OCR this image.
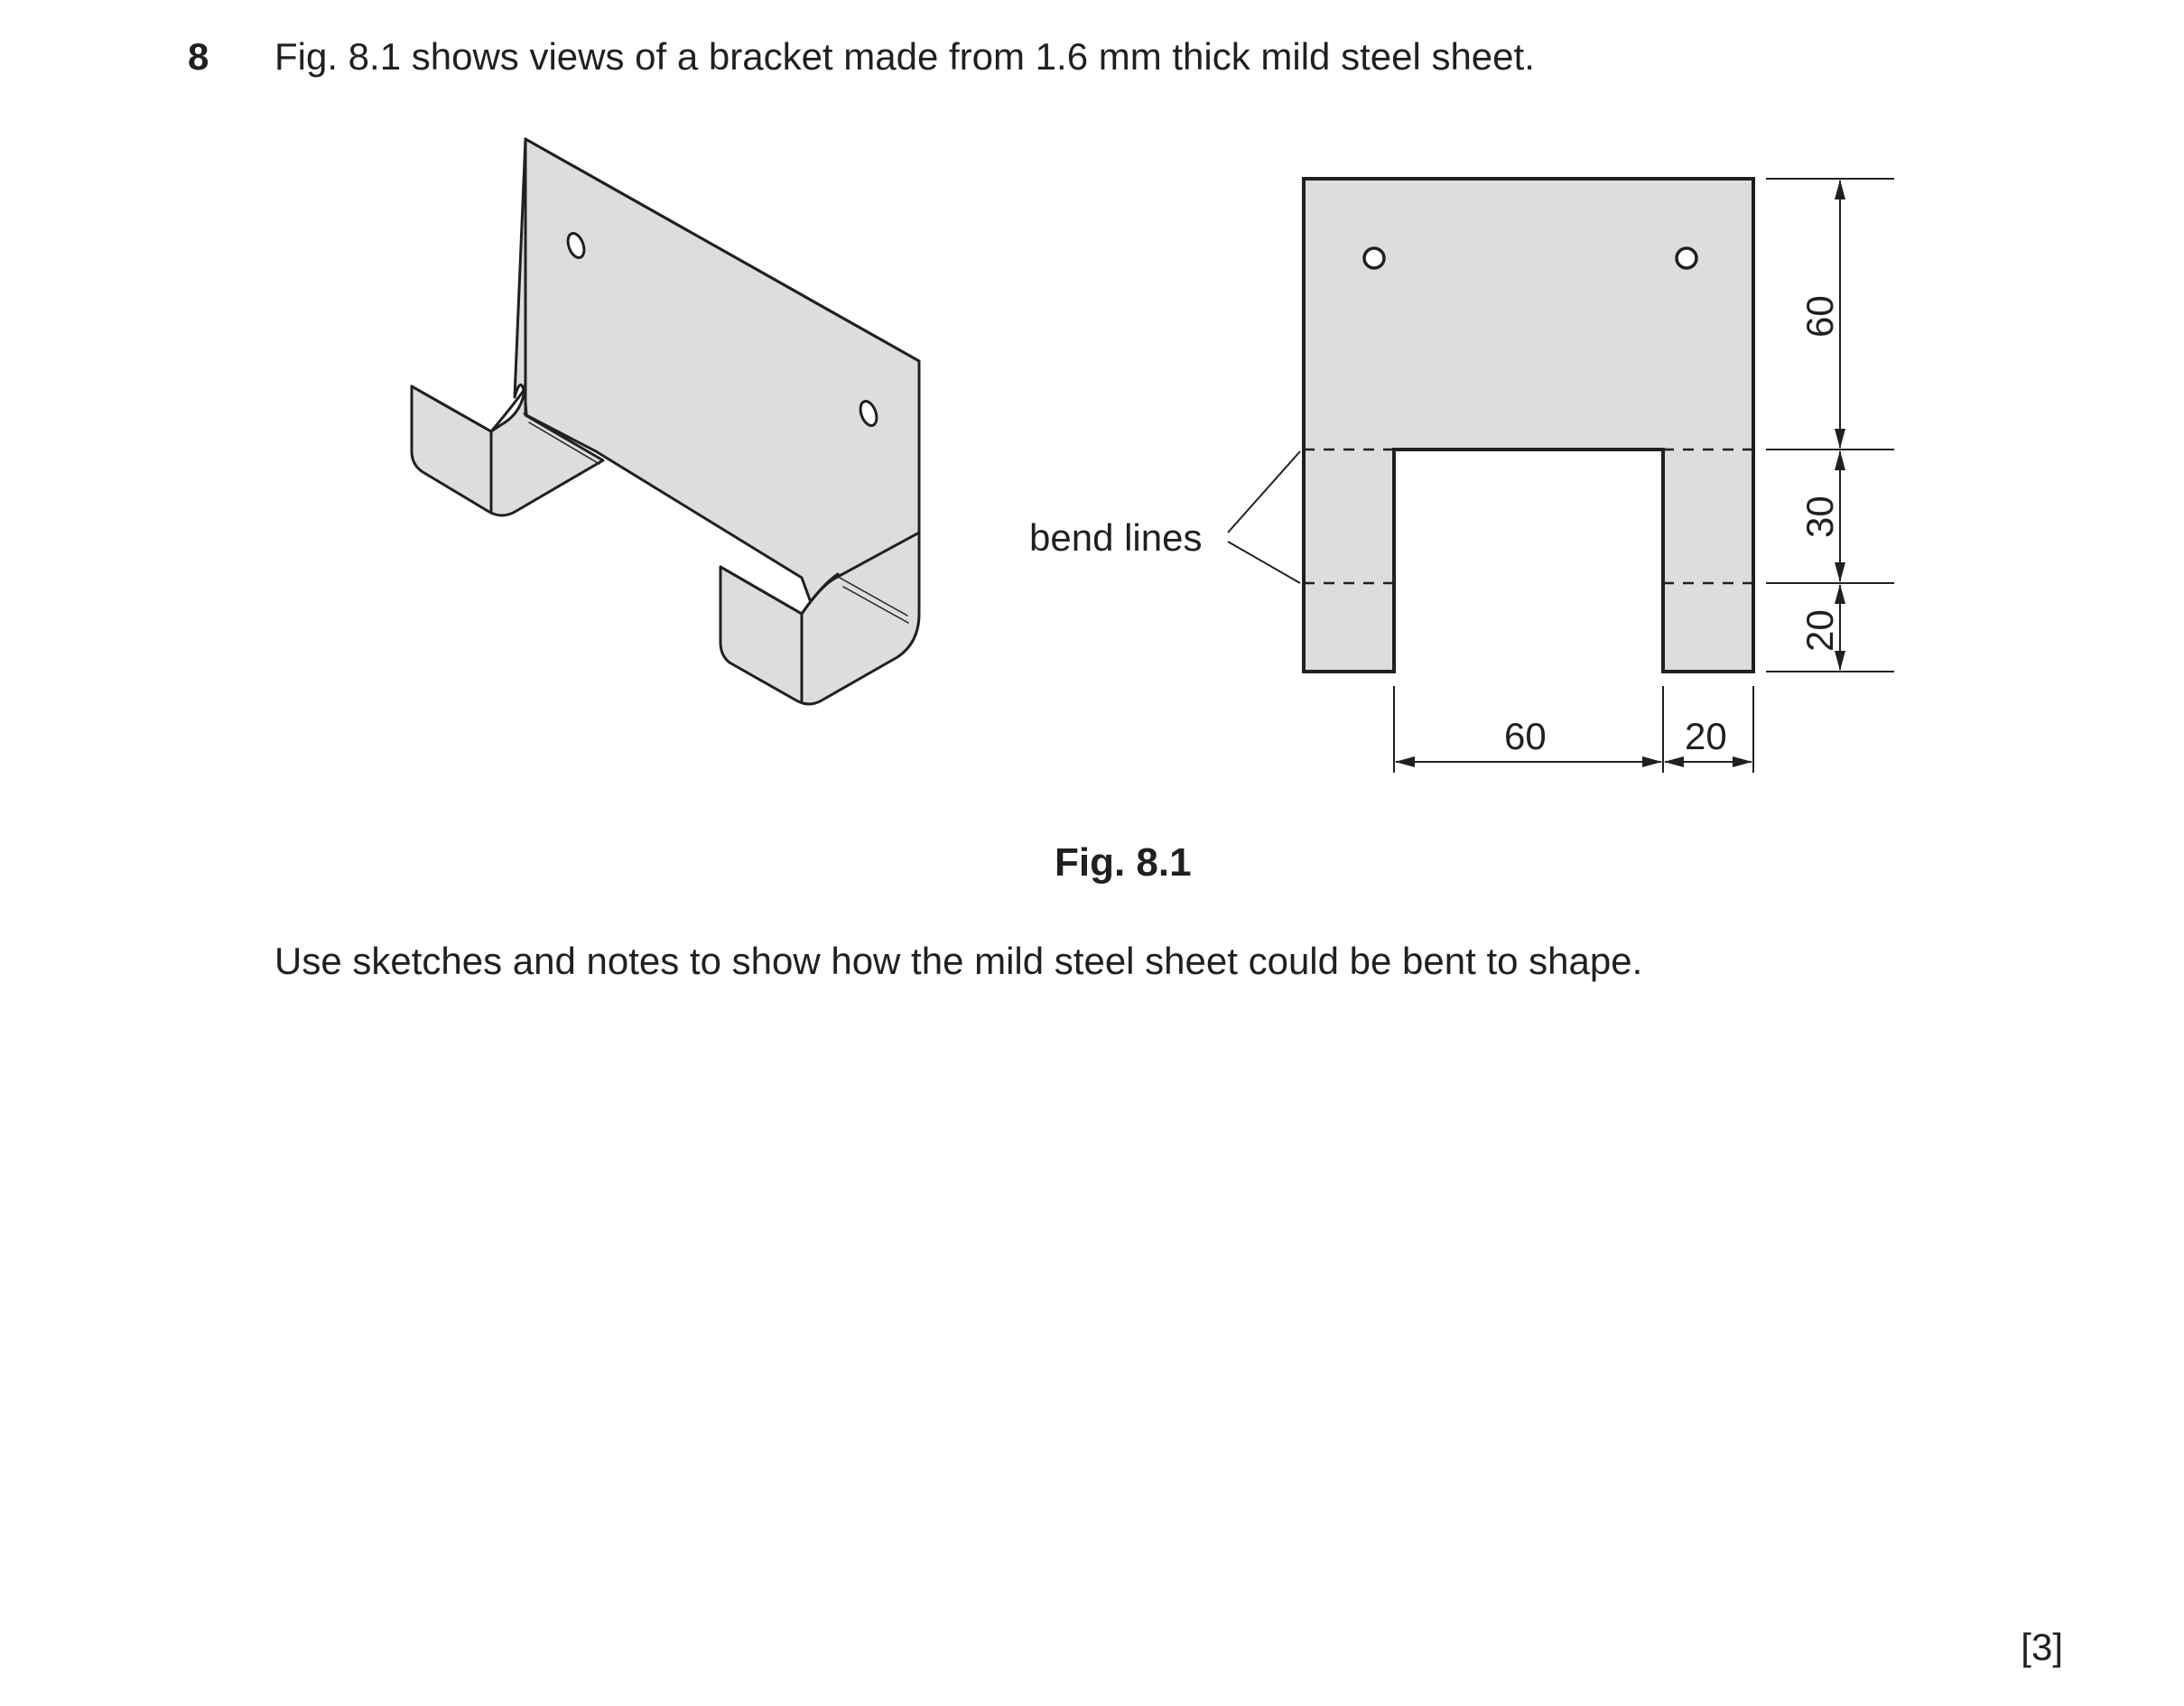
8 Fig. 8.1 shows views of a bracket made from 1.6 mm thick mild steel sheet.
bend lines
60
30
20
60	20
Fig. 8.1
Use sketches and notes to show how the mild steel sheet could be bent to shape.
[3]
